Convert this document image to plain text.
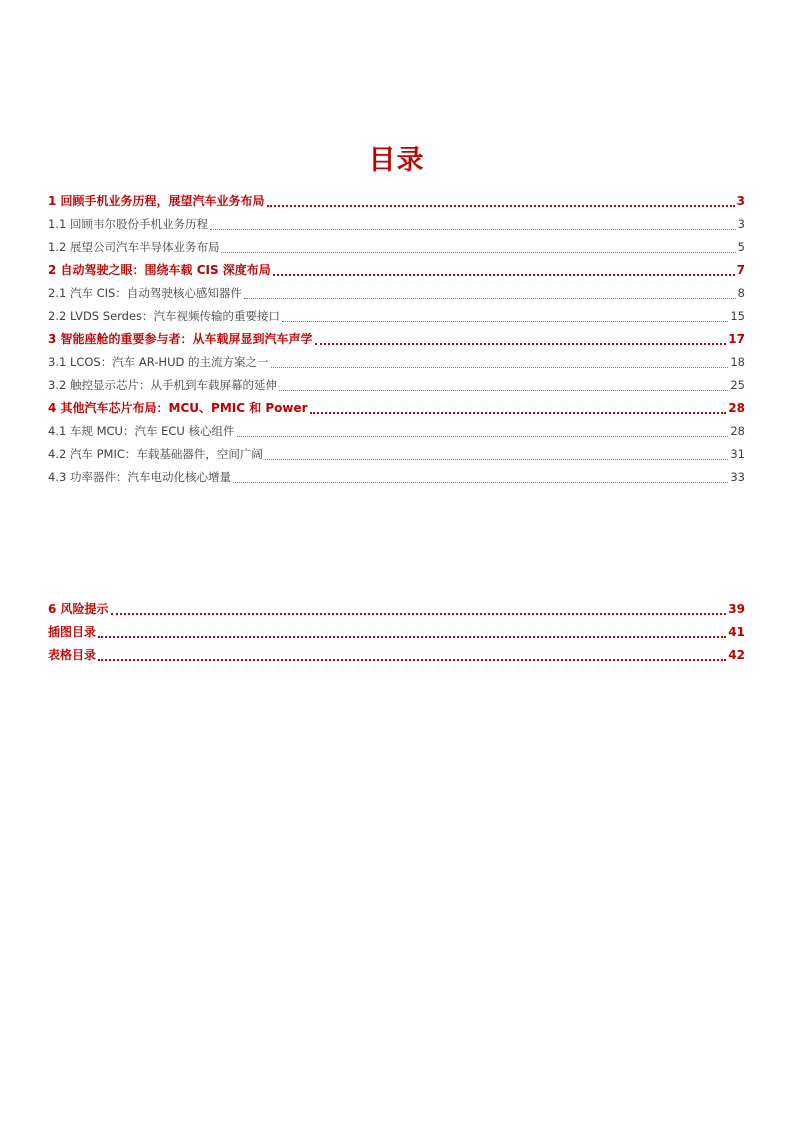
目录
1 回顾手机业务历程，展望汽车业务布局	3
1.1 回顾韦尔股份手机业务历程	3
1.2 展望公司汽车半导体业务布局	5
2 自动驾驶之眼：围绕车载 CIS 深度布局	7
2.1 汽车 CIS：自动驾驶核心感知器件	8
2.2 LVDS Serdes：汽车视频传输的重要接口	15
3 智能座舱的重要参与者：从车载屏显到汽车声学	17
3.1 LCOS：汽车 AR-HUD 的主流方案之一	18
3.2 触控显示芯片：从手机到车载屏幕的延伸	25
4 其他汽车芯片布局：MCU、PMIC 和 Power	28
4.1 车规 MCU：汽车 ECU 核心组件	28
4.2 汽车 PMIC：车载基础器件，空间广阔	31
4.3 功率器件：汽车电动化核心增量	33
6 风险提示	39
插图目录	41
表格目录	42
